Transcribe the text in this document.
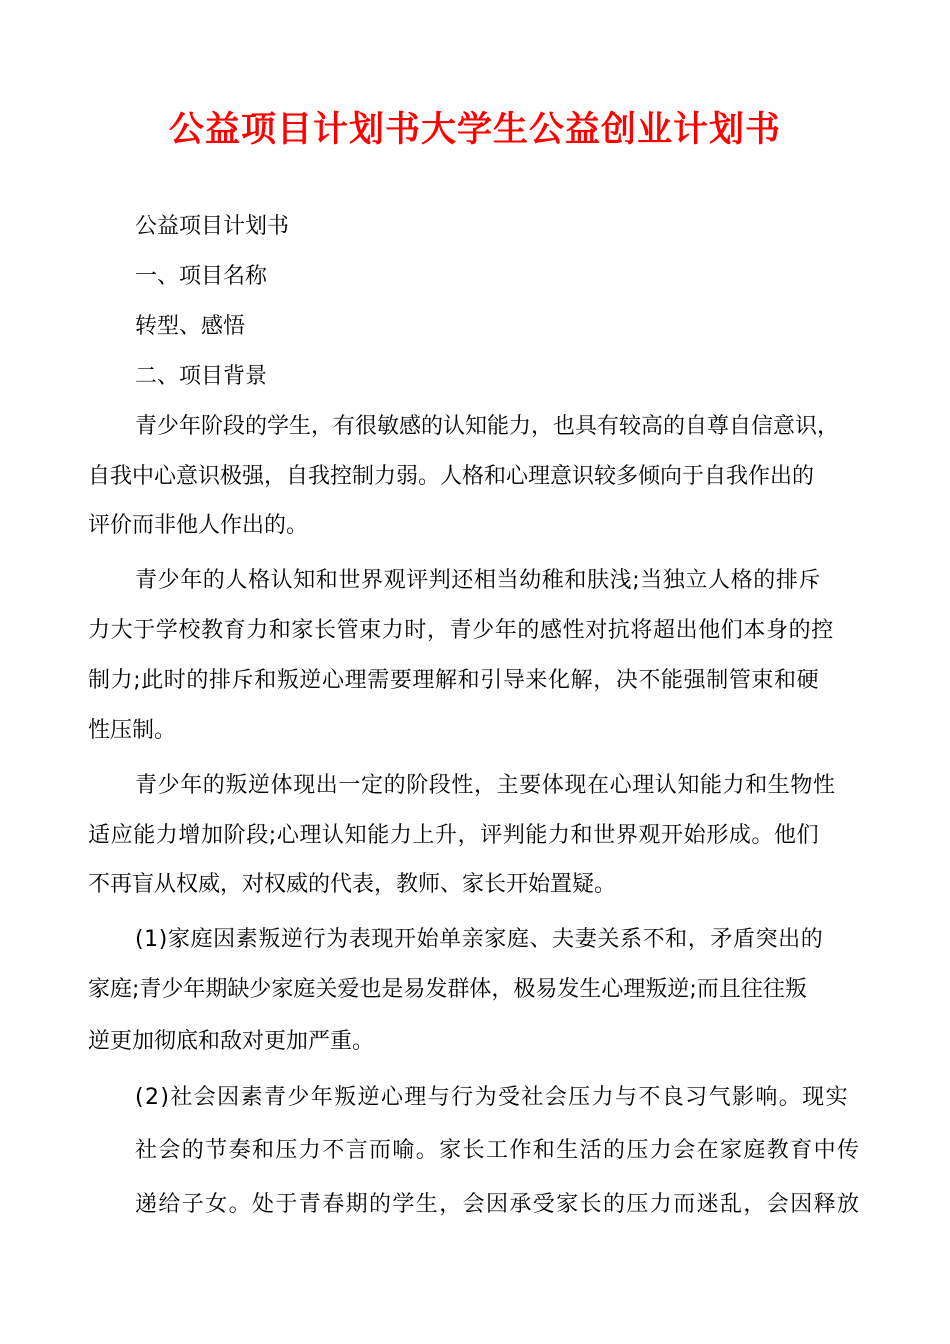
公益项目计划书大学生公益创业计划书
公益项目计划书
一、项目名称
转型、感悟
二、项目背景
青少年阶段的学生，有很敏感的认知能力，也具有较高的自尊自信意识，
自我中心意识极强，自我控制力弱。人格和心理意识较多倾向于自我作出的
评价而非他人作出的。
青少年的人格认知和世界观评判还相当幼稚和肤浅;当独立人格的排斥
力大于学校教育力和家长管束力时，青少年的感性对抗将超出他们本身的控
制力;此时的排斥和叛逆心理需要理解和引导来化解，决不能强制管束和硬
性压制。
青少年的叛逆体现出一定的阶段性，主要体现在心理认知能力和生物性
适应能力增加阶段;心理认知能力上升，评判能力和世界观开始形成。他们
不再盲从权威，对权威的代表，教师、家长开始置疑。
(1)家庭因素叛逆行为表现开始单亲家庭、夫妻关系不和，矛盾突出的
家庭;青少年期缺少家庭关爱也是易发群体，极易发生心理叛逆;而且往往叛
逆更加彻底和敌对更加严重。
(2)社会因素青少年叛逆心理与行为受社会压力与不良习气影响。现实
社会的节奏和压力不言而喻。家长工作和生活的压力会在家庭教育中传
递给子女。处于青春期的学生，会因承受家长的压力而迷乱，会因释放
